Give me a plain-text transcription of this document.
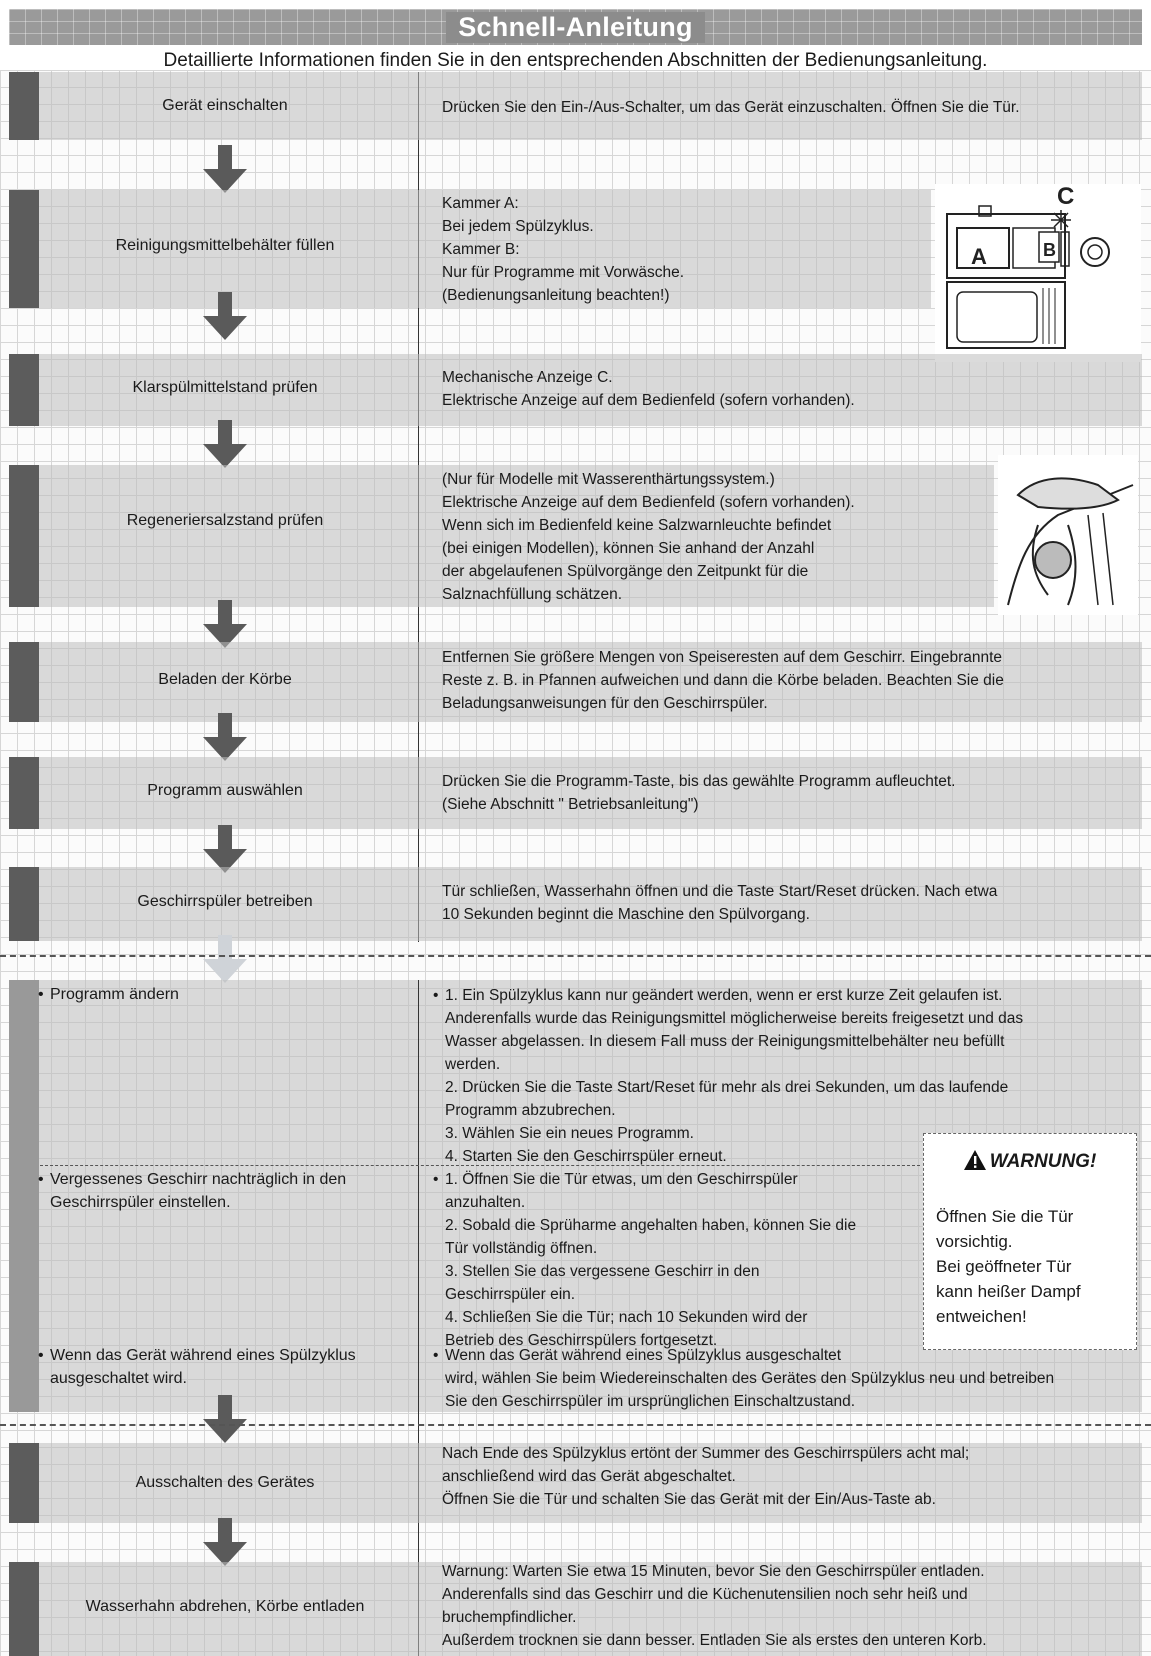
Schnell-Anleitung
Detaillierte Informationen finden Sie in den entsprechenden Abschnitten der Bedienungsanleitung.
Gerät einschalten	Drücken Sie den Ein-/Aus-Schalter, um das Gerät einzuschalten. Öffnen Sie die Tür.
Reinigungsmittelbehälter füllen
Kammer A:
Bei jedem Spülzyklus.
Kammer B:
Nur für Programme mit Vorwäsche.
(Bedienungsanleitung beachten!)
A	B
C
Klarspülmittelstand prüfen
Mechanische Anzeige C.
Elektrische Anzeige auf dem Bedienfeld (sofern vorhanden).
Regeneriersalzstand prüfen
(Nur für Modelle mit Wasserenthärtungssystem.)
Elektrische Anzeige auf dem Bedienfeld (sofern vorhanden).
Wenn sich im Bedienfeld keine Salzwarnleuchte befindet
(bei einigen Modellen), können Sie anhand der Anzahl
der abgelaufenen Spülvorgänge den Zeitpunkt für die
Salznachfüllung schätzen.
Beladen der Körbe
Entfernen Sie größere Mengen von Speiseresten auf dem Geschirr. Eingebrannte
Reste z. B. in Pfannen aufweichen und dann die Körbe beladen. Beachten Sie die
Beladungsanweisungen für den Geschirrspüler.
Programm auswählen
Drücken Sie die Programm-Taste, bis das gewählte Programm aufleuchtet.
(Siehe Abschnitt " Betriebsanleitung")
Geschirrspüler betreiben
Tür schließen, Wasserhahn öffnen und die Taste Start/Reset drücken. Nach etwa
10 Sekunden beginnt die Maschine den Spülvorgang.
• Programm ändern
•	1. Ein Spülzyklus kann nur geändert werden, wenn er erst kurze Zeit gelaufen ist.
Anderenfalls wurde das Reinigungsmittel möglicherweise bereits freigesetzt und das
Wasser abgelassen. In diesem Fall muss der Reinigungsmittelbehälter neu befüllt
werden.
2. Drücken Sie die Taste Start/Reset für mehr als drei Sekunden, um das laufende
Programm abzubrechen.
3. Wählen Sie ein neues Programm.
4. Starten Sie den Geschirrspüler erneut.
• Vergessenes Geschirr nachträglich in den Geschirrspüler einstellen.
• 1. Öffnen Sie die Tür etwas, um den Geschirrspüler
anzuhalten.
2. Sobald die Sprüharme angehalten haben, können Sie die
Tür vollständig öffnen.
3. Stellen Sie das vergessene Geschirr in den
Geschirrspüler ein.
4. Schließen Sie die Tür; nach 10 Sekunden wird der
Betrieb des Geschirrspülers fortgesetzt.
• Wenn das Gerät während eines Spülzyklus ausgeschaltet wird.
• Wenn das Gerät während eines Spülzyklus ausgeschaltet
wird, wählen Sie beim Wiedereinschalten des Gerätes den Spülzyklus neu und betreiben
Sie den Geschirrspüler im ursprünglichen Einschaltzustand.
WARNUNG!
Öffnen Sie die Tür
vorsichtig.
Bei geöffneter Tür
kann heißer Dampf
entweichen!
Ausschalten des Gerätes
Nach Ende des Spülzyklus ertönt der Summer des Geschirrspülers acht mal;
anschließend wird das Gerät abgeschaltet.
Öffnen Sie die Tür und schalten Sie das Gerät mit der Ein/Aus-Taste ab.
Wasserhahn abdrehen, Körbe entladen
Warnung: Warten Sie etwa 15 Minuten, bevor Sie den Geschirrspüler entladen.
Anderenfalls sind das Geschirr und die Küchenutensilien noch sehr heiß und
bruchempfindlicher.
Außerdem trocknen sie dann besser. Entladen Sie als erstes den unteren Korb.
